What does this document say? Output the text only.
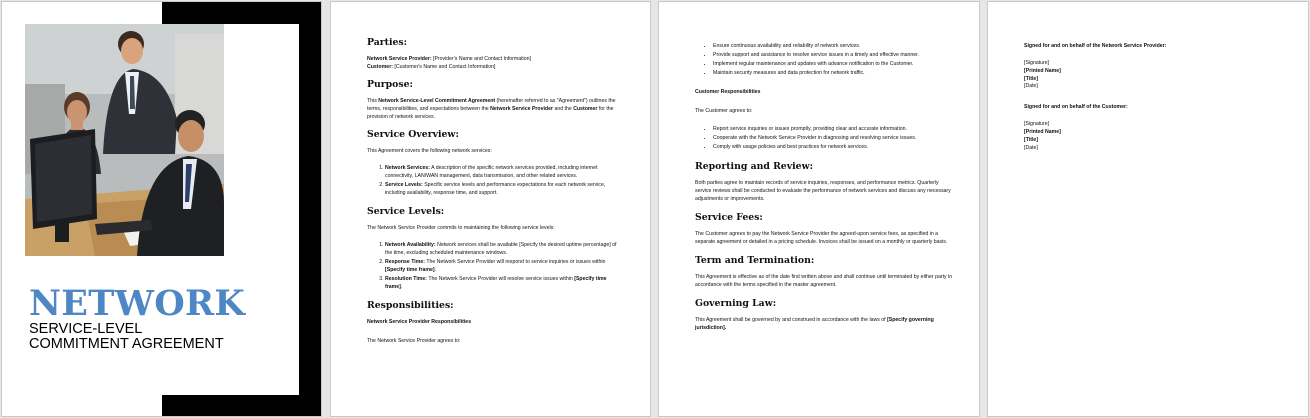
NETWORK
SERVICE-LEVEL
COMMITMENT AGREEMENT
Parties:

Network Service Provider: [Provider's Name and Contact Information]
Customer: [Customer's Name and Contact Information]

Purpose:

This Network Service-Level Commitment Agreement (hereinafter referred to as "Agreement") outlines the terms, responsibilities, and expectations between the Network Service Provider and the Customer for the provision of network services.

Service Overview:

This Agreement covers the following network services:

1. Network Services: A description of the specific network services provided, including internet connectivity, LAN/WAN management, data transmission, and other related services.
2. Service Levels: Specific service levels and performance expectations for each network service, including availability, response time, and support.
Service Levels:

The Network Service Provider commits to maintaining the following service levels:

1. Network Availability: Network services shall be available [Specify the desired uptime percentage] of the time, excluding scheduled maintenance windows.
2. Response Time: The Network Service Provider will respond to service inquiries or issues within [Specify time frame].
3. Resolution Time: The Network Service Provider will resolve service issues within [Specify time frame].
Responsibilities:
Network Service Provider Responsibilities

The Network Service Provider agrees to:

• Ensure continuous availability and reliability of network services.
• Provide support and assistance to resolve service issues in a timely and effective manner.
• Implement regular maintenance and updates with advance notification to the Customer.
• Maintain security measures and data protection for network traffic.
Customer Responsibilities

The Customer agrees to:

• Report service inquiries or issues promptly, providing clear and accurate information.
• Cooperate with the Network Service Provider in diagnosing and resolving service issues.
• Comply with usage policies and best practices for network services.
Reporting and Review:

Both parties agree to maintain records of service inquiries, responses, and performance metrics. Quarterly service reviews shall be conducted to evaluate the performance of network services and discuss any necessary adjustments or improvements.

Service Fees:

The Customer agrees to pay the Network Service Provider the agreed-upon service fees, as specified in a separate agreement or detailed in a pricing schedule. Invoices shall be issued on a monthly or quarterly basis.

Term and Termination:

This Agreement is effective as of the date first written above and shall continue until terminated by either party in accordance with the terms specified in the master agreement.

Governing Law:

This Agreement shall be governed by and construed in accordance with the laws of [Specify governing jurisdiction].

Signed for and on behalf of the Network Service Provider:
[Signature]
[Printed Name]
[Title]
[Date]
Signed for and on behalf of the Customer:
[Signature]
[Printed Name]
[Title]
[Date]
